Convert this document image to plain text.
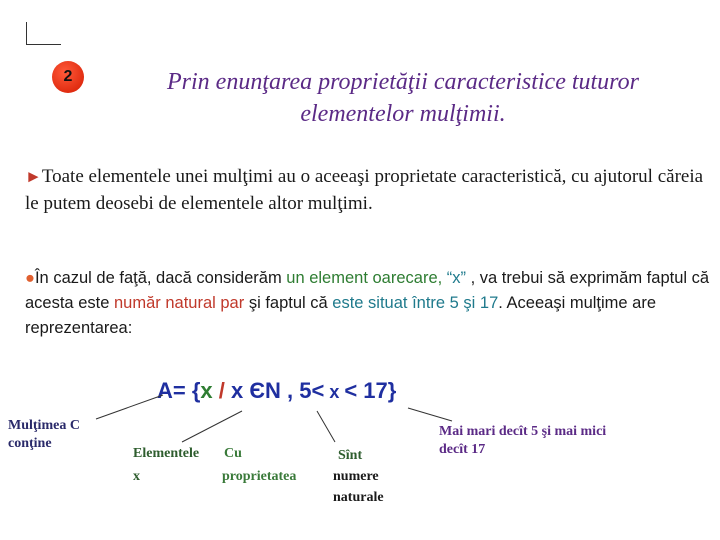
2	Prin enunţarea proprietăţii caracteristice tuturor elementelor mulţimii.
►Toate elementele unei mulţimi au o aceeaşi proprietate caracteristică, cu ajutorul căreia le putem deosebi de elementele altor mulţimi.
●În cazul de faţă, dacă considerăm un element oarecare, “x” , va trebui să exprimăm faptul că acesta este număr natural par şi faptul că este situat între 5 şi 17. Aceeaşi mulţime are reprezentarea:
A= {x / x ЄN , 5< x < 17}
Mulţimea C
conţine
Elementele
x
Cu
proprietatea
Sînt
numere
naturale
Mai mari decît 5 şi mai mici decît 17
